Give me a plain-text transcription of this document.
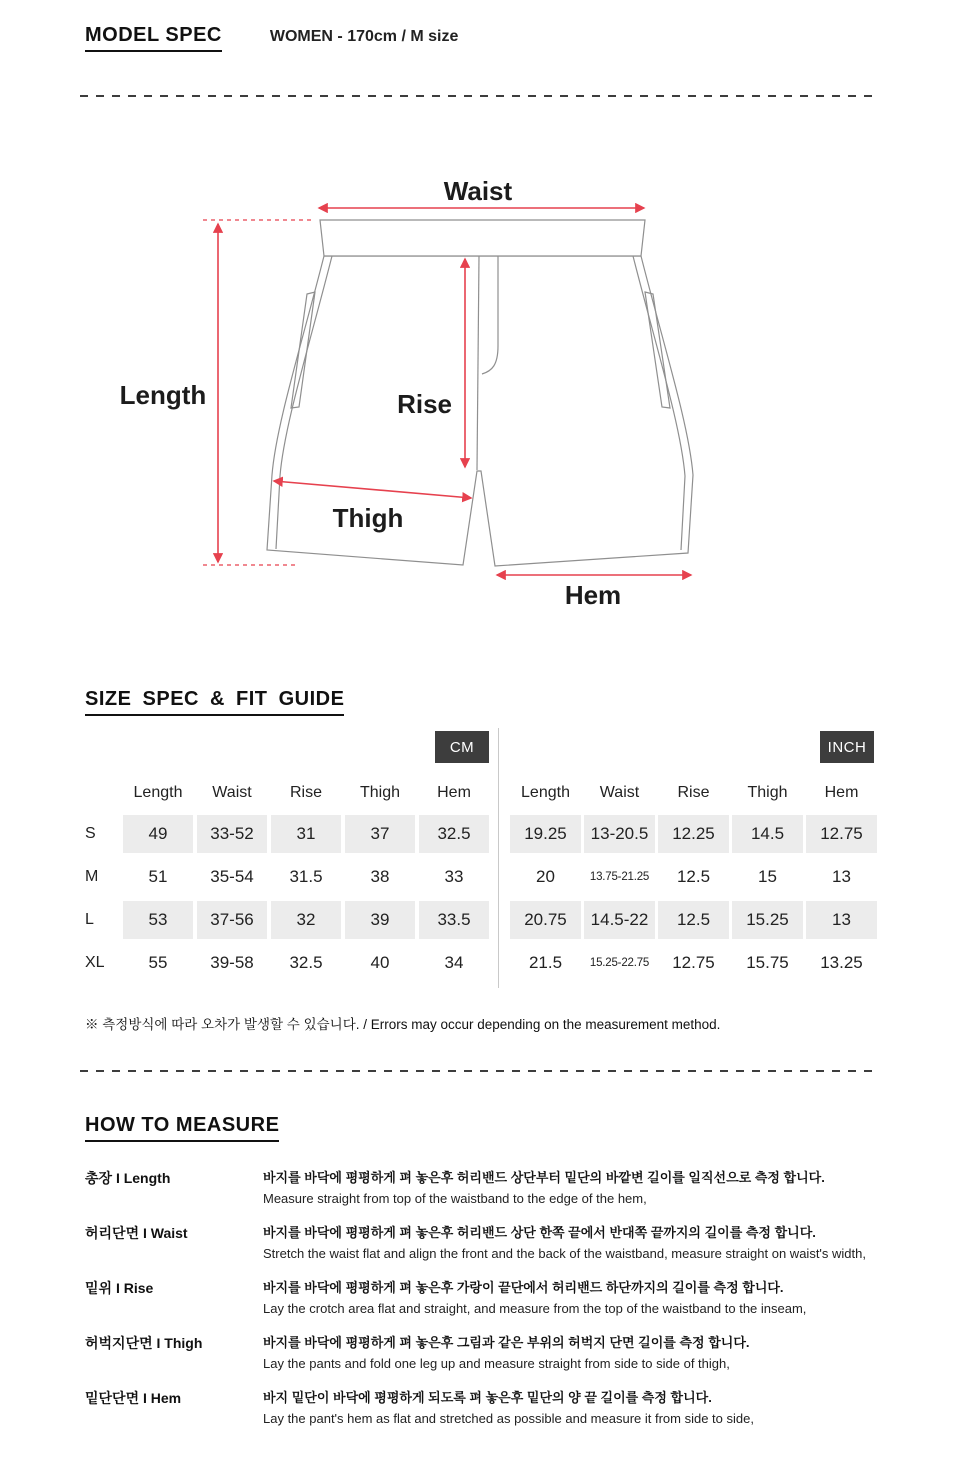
MODEL SPEC	WOMEN - 170cm / M size
Waist
Length	Rise
Thigh
Hem
SIZE SPEC & FIT GUIDE
CM	INCH
Length	Waist	Rise	Thigh	Hem
S	49	33-52	31	37	32.5
M	51	35-54	31.5	38	33
L	53	37-56	32	39	33.5
XL	55	39-58	32.5	40	34
Length	Waist	Rise	Thigh	Hem
19.25	13-20.5	12.25	14.5	12.75
20	13.75-21.25	12.5	15	13
20.75	14.5-22	12.5	15.25	13
21.5	15.25-22.75	12.75	15.75	13.25
※ 측정방식에 따라 오차가 발생할 수 있습니다. / Errors may occur depending on the measurement method.
HOW TO MEASURE
총장 I Length	바지를 바닥에 평평하게 펴 놓은후 허리밴드 상단부터 밑단의 바깥변 길이를 일직선으로 측정 합니다.
Measure straight from top of the waistband to the edge of the hem,
허리단면 I Waist	바지를 바닥에 평평하게 펴 놓은후 허리밴드 상단 한쪽 끝에서 반대쪽 끝까지의 길이를 측정 합니다.
Stretch the waist flat and align the front and the back of the waistband, measure straight on waist's width,
밑위 I Rise	바지를 바닥에 평평하게 펴 놓은후 가랑이 끝단에서 허리밴드 하단까지의 길이를 측정 합니다.
Lay the crotch area flat and straight, and measure from the top of the waistband to the inseam,
허벅지단면 I Thigh	바지를 바닥에 평평하게 펴 놓은후 그림과 같은 부위의 허벅지 단면 길이를 측정 합니다.
Lay the pants and fold one leg up and measure straight from side to side of thigh,
밑단단면 I Hem	바지 밑단이 바닥에 평평하게 되도록 펴 놓은후 밑단의 양 끝 길이를 측정 합니다.
Lay the pant's hem as flat and stretched as possible and measure it from side to side,
